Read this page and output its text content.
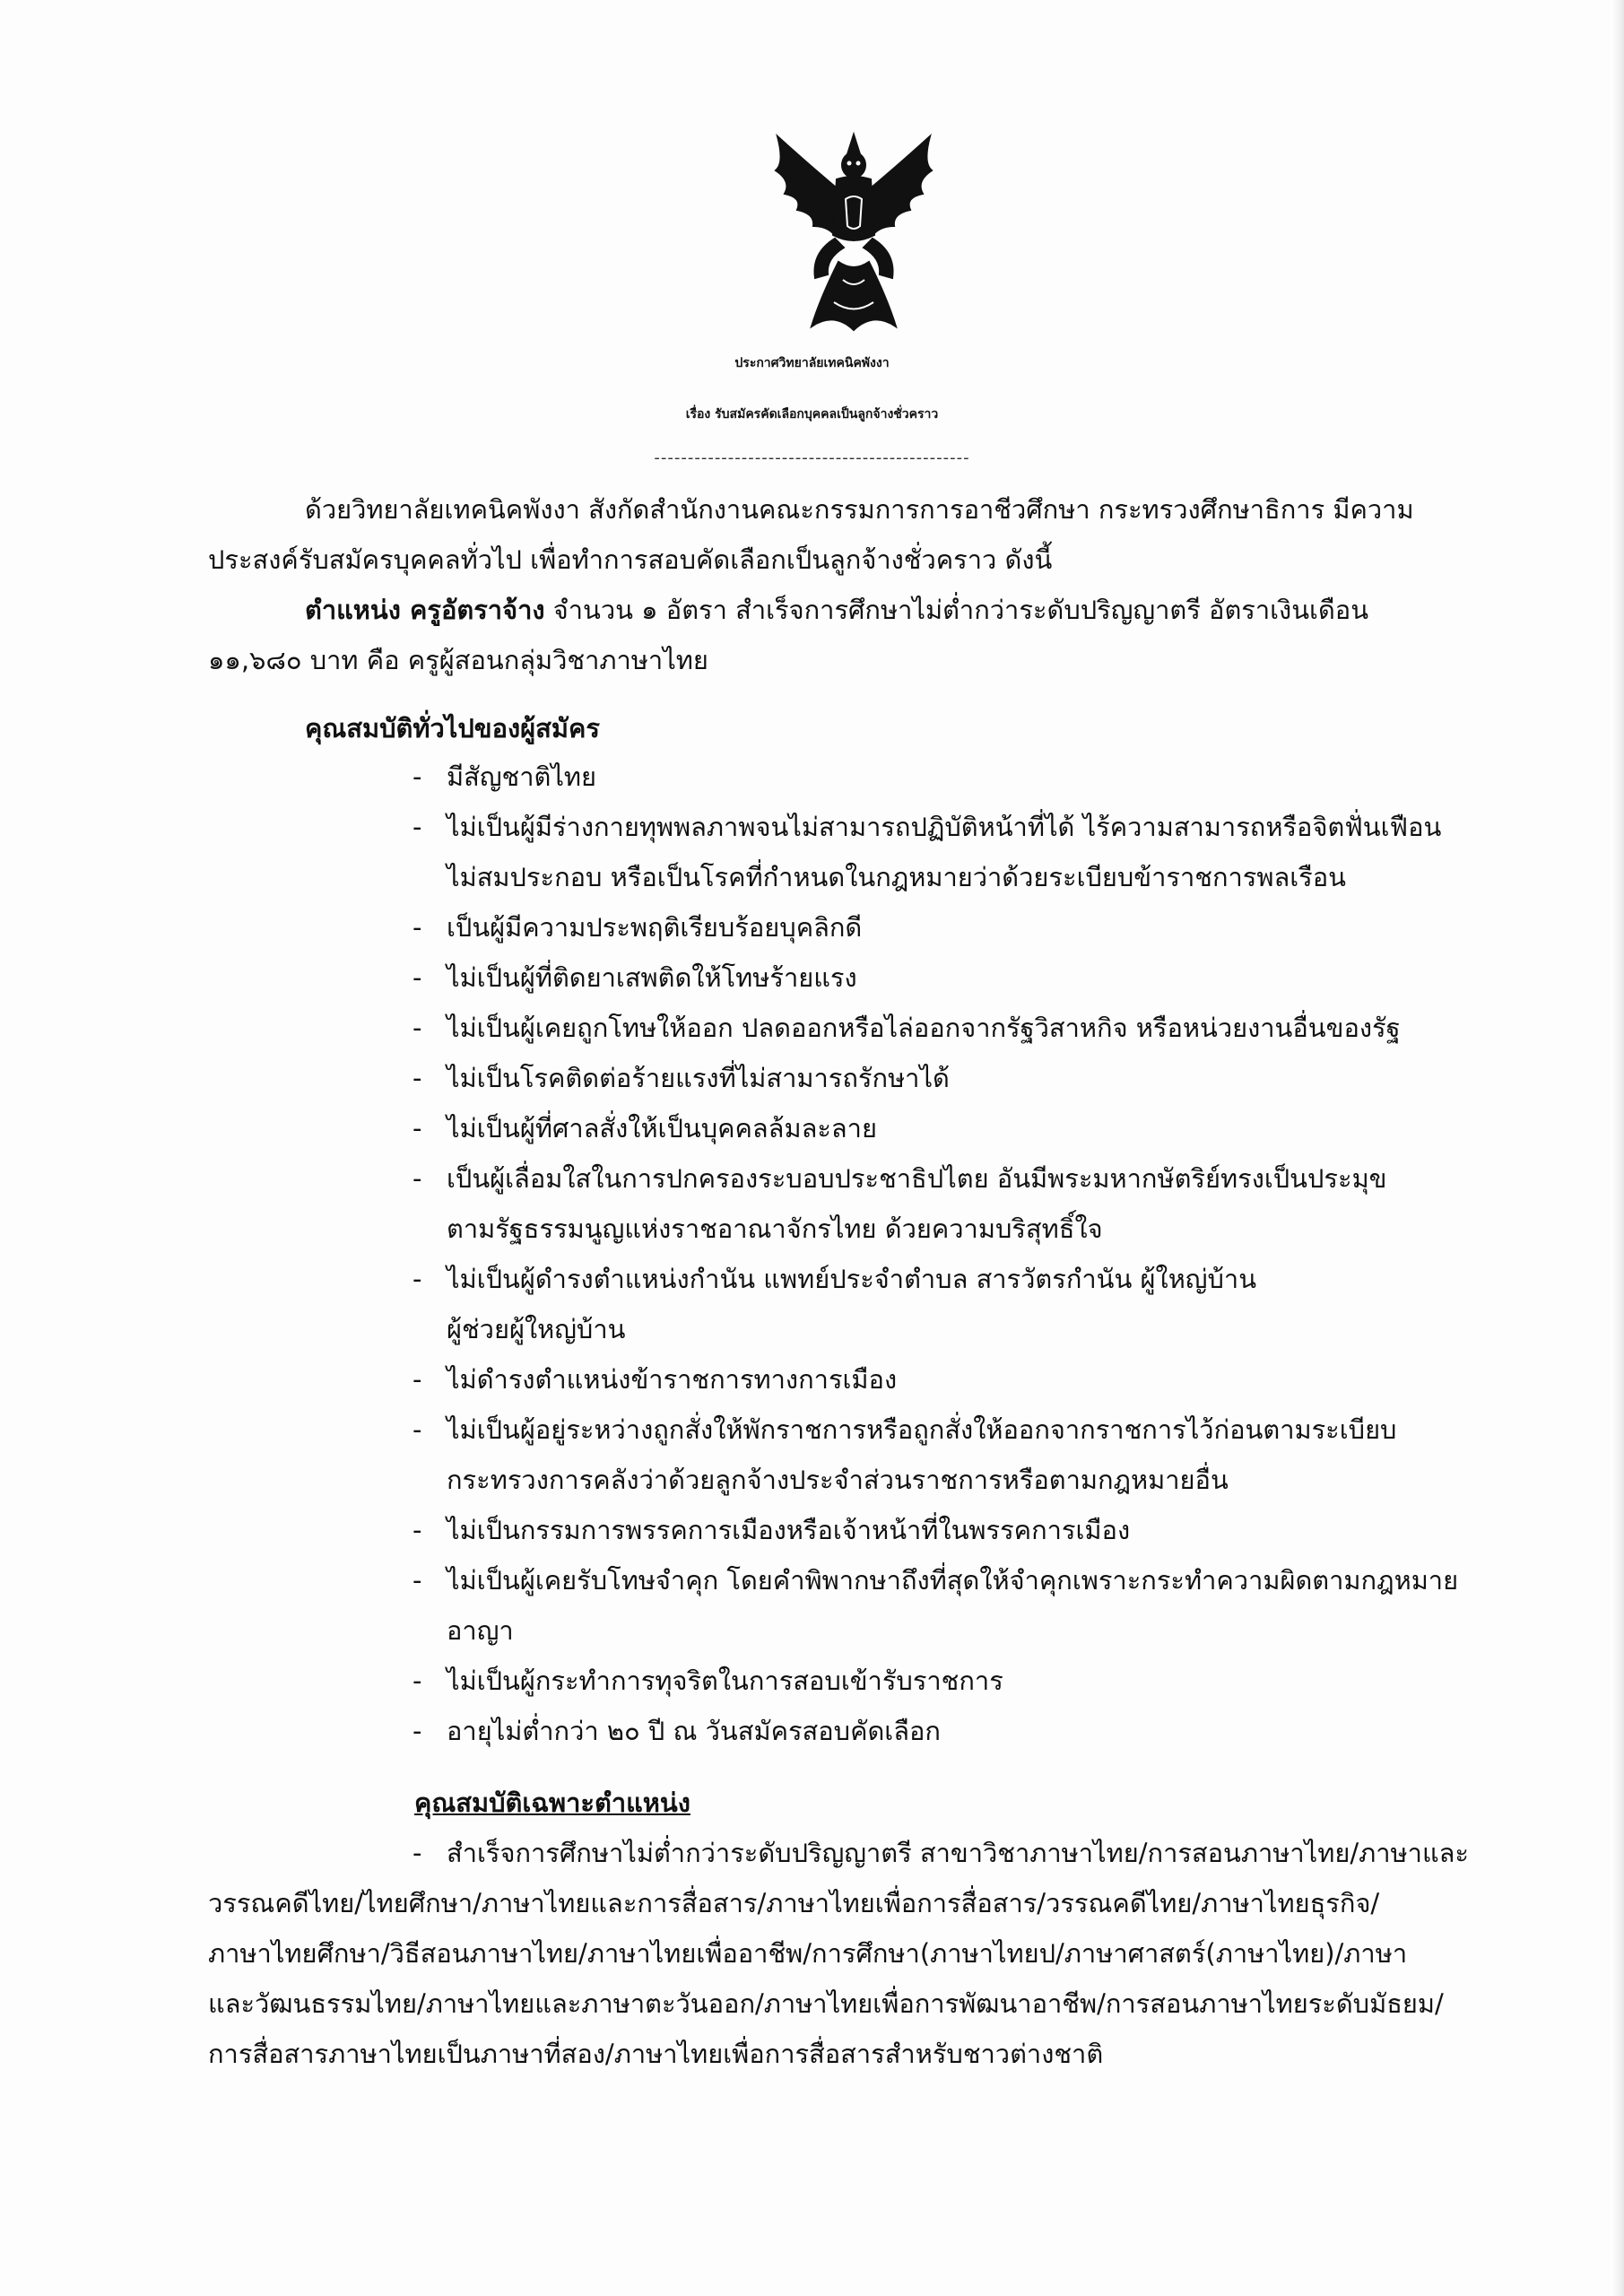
ประกาศวิทยาลัยเทคนิคพังงา
เรื่อง รับสมัครคัดเลือกบุคคลเป็นลูกจ้างชั่วคราว
-----------------------------------------------
ด้วยวิทยาลัยเทคนิคพังงา สังกัดสำนักงานคณะกรรมการการอาชีวศึกษา กระทรวงศึกษาธิการ มีความ
ประสงค์รับสมัครบุคคลทั่วไป เพื่อทำการสอบคัดเลือกเป็นลูกจ้างชั่วคราว ดังนี้
ตำแหน่ง ครูอัตราจ้าง จำนวน ๑ อัตรา สำเร็จการศึกษาไม่ต่ำกว่าระดับปริญญาตรี อัตราเงินเดือน
๑๑,๖๘๐ บาท คือ ครูผู้สอนกลุ่มวิชาภาษาไทย
คุณสมบัติทั่วไปของผู้สมัคร
- มีสัญชาติไทย
- ไม่เป็นผู้มีร่างกายทุพพลภาพจนไม่สามารถปฏิบัติหน้าที่ได้ ไร้ความสามารถหรือจิตฟั่นเฟือน
ไม่สมประกอบ หรือเป็นโรคที่กำหนดในกฎหมายว่าด้วยระเบียบข้าราชการพลเรือน
- เป็นผู้มีความประพฤติเรียบร้อยบุคลิกดี
- ไม่เป็นผู้ที่ติดยาเสพติดให้โทษร้ายแรง
- ไม่เป็นผู้เคยถูกโทษให้ออก ปลดออกหรือไล่ออกจากรัฐวิสาหกิจ หรือหน่วยงานอื่นของรัฐ
- ไม่เป็นโรคติดต่อร้ายแรงที่ไม่สามารถรักษาได้
- ไม่เป็นผู้ที่ศาลสั่งให้เป็นบุคคลล้มละลาย
- เป็นผู้เลื่อมใสในการปกครองระบอบประชาธิปไตย อันมีพระมหากษัตริย์ทรงเป็นประมุข
ตามรัฐธรรมนูญแห่งราชอาณาจักรไทย ด้วยความบริสุทธิ์ใจ
- ไม่เป็นผู้ดำรงตำแหน่งกำนัน แพทย์ประจำตำบล สารวัตรกำนัน ผู้ใหญ่บ้าน
ผู้ช่วยผู้ใหญ่บ้าน
- ไม่ดำรงตำแหน่งข้าราชการทางการเมือง
- ไม่เป็นผู้อยู่ระหว่างถูกสั่งให้พักราชการหรือถูกสั่งให้ออกจากราชการไว้ก่อนตามระเบียบ
กระทรวงการคลังว่าด้วยลูกจ้างประจำส่วนราชการหรือตามกฎหมายอื่น
- ไม่เป็นกรรมการพรรคการเมืองหรือเจ้าหน้าที่ในพรรคการเมือง
- ไม่เป็นผู้เคยรับโทษจำคุก โดยคำพิพากษาถึงที่สุดให้จำคุกเพราะกระทำความผิดตามกฎหมาย
อาญา
- ไม่เป็นผู้กระทำการทุจริตในการสอบเข้ารับราชการ
- อายุไม่ต่ำกว่า ๒๐ ปี ณ วันสมัครสอบคัดเลือก
คุณสมบัติเฉพาะตำแหน่ง
- สำเร็จการศึกษาไม่ต่ำกว่าระดับปริญญาตรี สาขาวิชาภาษาไทย/การสอนภาษาไทย/ภาษาและ
วรรณคดีไทย/ไทยศึกษา/ภาษาไทยและการสื่อสาร/ภาษาไทยเพื่อการสื่อสาร/วรรณคดีไทย/ภาษาไทยธุรกิจ/
ภาษาไทยศึกษา/วิธีสอนภาษาไทย/ภาษาไทยเพื่ออาชีพ/การศึกษา(ภาษาไทยป/ภาษาศาสตร์(ภาษาไทย)/ภาษา
และวัฒนธรรมไทย/ภาษาไทยและภาษาตะวันออก/ภาษาไทยเพื่อการพัฒนาอาชีพ/การสอนภาษาไทยระดับมัธยม/
การสื่อสารภาษาไทยเป็นภาษาที่สอง/ภาษาไทยเพื่อการสื่อสารสำหรับชาวต่างชาติ
